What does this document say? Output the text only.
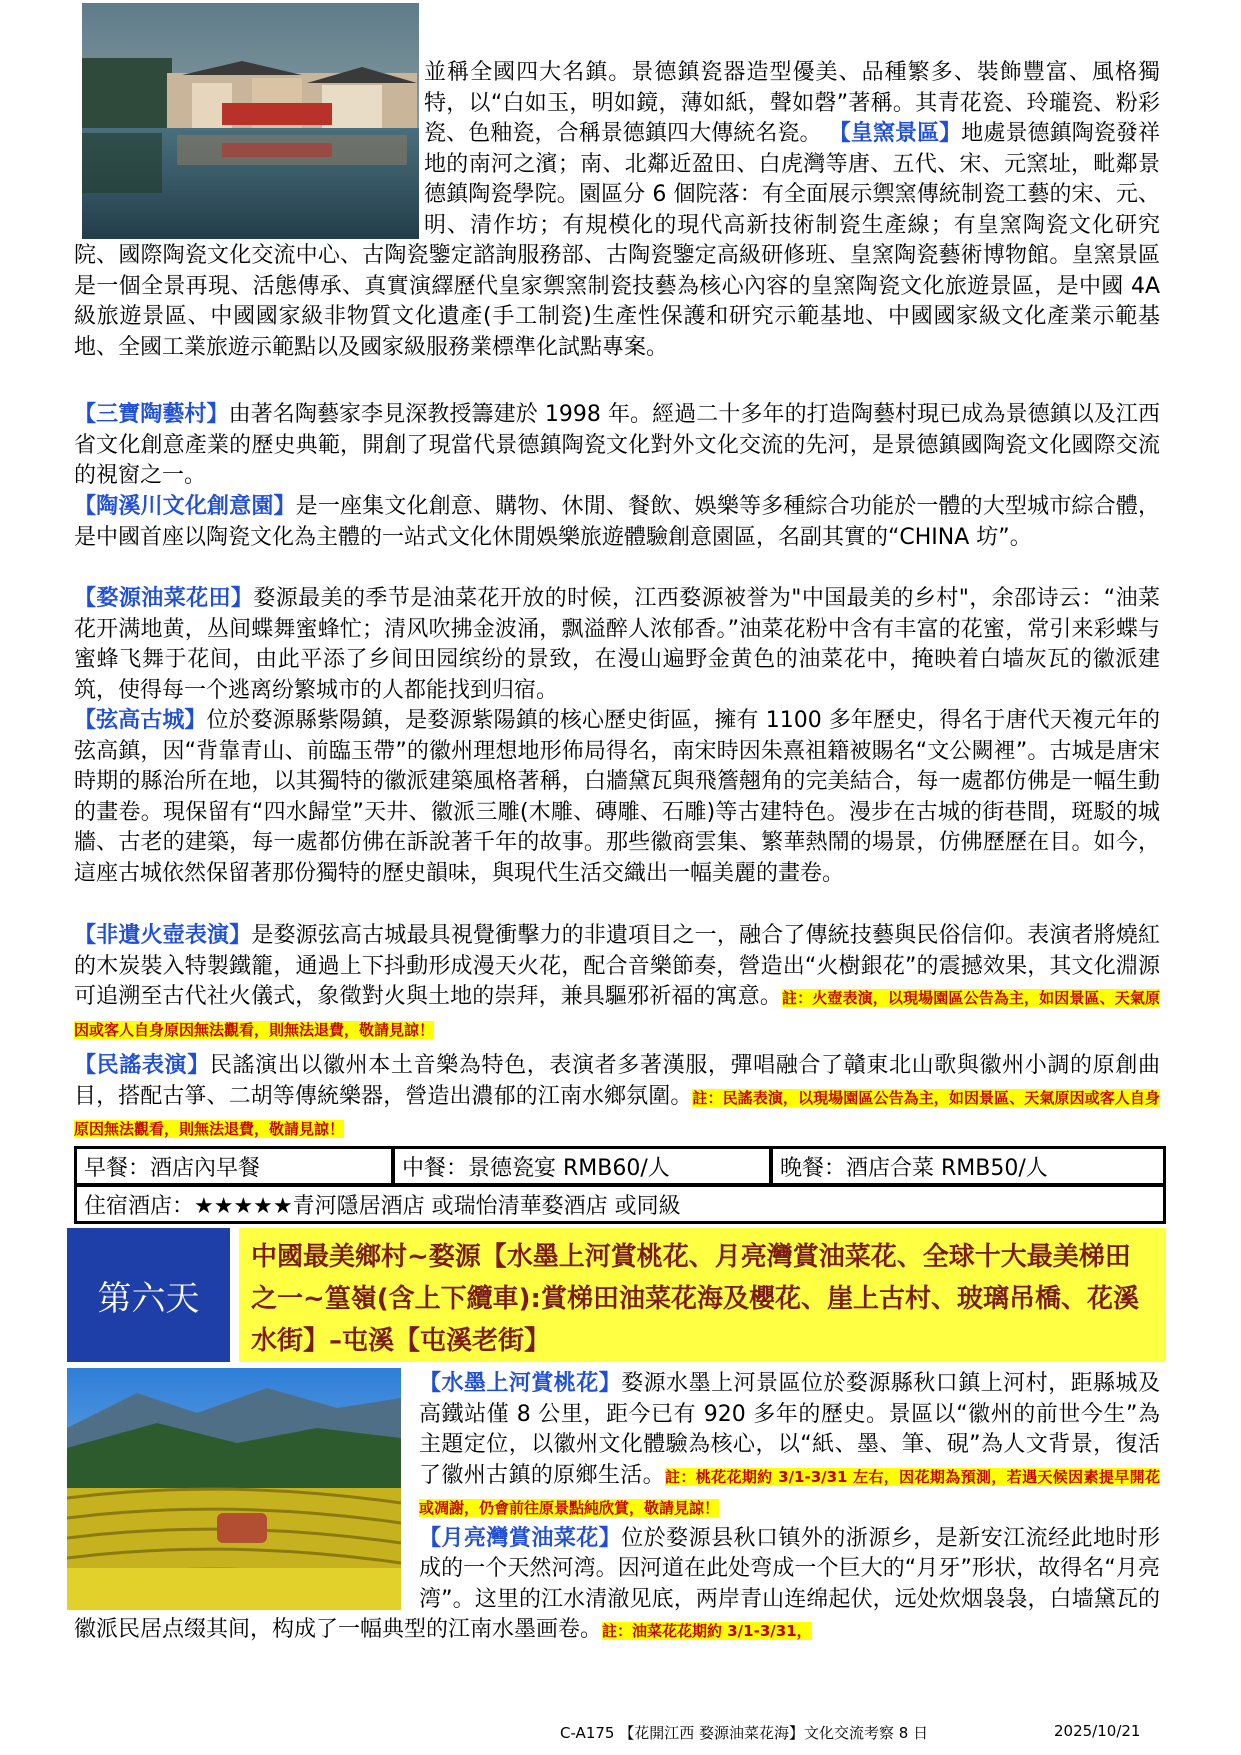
並稱全國四大名鎮。景德鎮瓷器造型優美、品種繁多、裝飾豐富、風格獨特，以“白如玉，明如鏡，薄如紙，聲如磬”著稱。其青花瓷、玲瓏瓷、粉彩瓷、色釉瓷，合稱景德鎮四大傳統名瓷。 【皇窯景區】地處景德鎮陶瓷發祥地的南河之濱；南、北鄰近盈田、白虎灣等唐、五代、宋、元窯址，毗鄰景德鎮陶瓷學院。園區分 6 個院落：有全面展示禦窯傳統制瓷工藝的宋、元、明、清作坊；有規模化的現代高新技術制瓷生產線；有皇窯陶瓷文化研究院、國際陶瓷文化交流中心、古陶瓷鑒定諮詢服務部、古陶瓷鑒定高級研修班、皇窯陶瓷藝術博物館。皇窯景區是一個全景再現、活態傳承、真實演繹歷代皇家禦窯制瓷技藝為核心內容的皇窯陶瓷文化旅遊景區，是中國 4A 級旅遊景區、中國國家級非物質文化遺產(手工制瓷)生產性保護和研究示範基地、中國國家級文化產業示範基地、全國工業旅遊示範點以及國家級服務業標準化試點專案。

【三寶陶藝村】由著名陶藝家李見深教授籌建於 1998 年。經過二十多年的打造陶藝村現已成為景德鎮以及江西省文化創意產業的歷史典範，開創了現當代景德鎮陶瓷文化對外文化交流的先河，是景德鎮國陶瓷文化國際交流的視窗之一。

【陶溪川文化創意園】是一座集文化創意、購物、休閒、餐飲、娛樂等多種綜合功能於一體的大型城市綜合體，是中國首座以陶瓷文化為主體的一站式文化休閒娛樂旅遊體驗創意園區，名副其實的“CHINA 坊”。

【婺源油菜花田】婺源最美的季节是油菜花开放的时候，江西婺源被誉为"中国最美的乡村"，余邵诗云：“油菜花开满地黄，丛间蝶舞蜜蜂忙；清风吹拂金波涌，飘溢醉人浓郁香。”油菜花粉中含有丰富的花蜜，常引来彩蝶与蜜蜂飞舞于花间，由此平添了乡间田园缤纷的景致，在漫山遍野金黄色的油菜花中，掩映着白墙灰瓦的徽派建筑，使得每一个逃离纷繁城市的人都能找到归宿。

【弦高古城】位於婺源縣紫陽鎮，是婺源紫陽鎮的核心歷史街區，擁有 1100 多年歷史，得名于唐代天複元年的弦高鎮，因“背靠青山、前臨玉帶”的徽州理想地形佈局得名，南宋時因朱熹祖籍被賜名“文公闕裡”。古城是唐宋時期的縣治所在地，以其獨特的徽派建築風格著稱，白牆黛瓦與飛簷翹角的完美結合，每一處都仿佛是一幅生動的畫卷。現保留有“四水歸堂”天井、徽派三雕(木雕、磚雕、石雕)等古建特色。漫步在古城的街巷間，斑駁的城牆、古老的建築，每一處都仿佛在訴說著千年的故事。那些徽商雲集、繁華熱鬧的場景，仿佛歷歷在目。如今，這座古城依然保留著那份獨特的歷史韻味，與現代生活交織出一幅美麗的畫卷。

【非遺火壺表演】是婺源弦高古城最具視覺衝擊力的非遺項目之一，融合了傳統技藝與民俗信仰。表演者將燒紅的木炭裝入特製鐵籠，通過上下抖動形成漫天火花，配合音樂節奏，營造出“火樹銀花”的震撼效果，其文化淵源可追溯至古代社火儀式，象徵對火與土地的崇拜，兼具驅邪祈福的寓意。註：火壺表演，以現場園區公告為主，如因景區、天氣原因或客人自身原因無法觀看，則無法退費，敬請見諒！

【民謠表演】民謠演出以徽州本土音樂為特色，表演者多著漢服，彈唱融合了贛東北山歌與徽州小調的原創曲目，搭配古箏、二胡等傳統樂器，營造出濃郁的江南水鄉氛圍。註：民謠表演，以現場園區公告為主，如因景區、天氣原因或客人自身原因無法觀看，則無法退費，敬請見諒！

早餐：酒店內早餐	中餐：景德瓷宴 RMB60/人	晚餐：酒店合菜 RMB50/人
住宿酒店：★★★★★青河隱居酒店 或瑞怡清華婺酒店 或同級
第六天
中國最美鄉村~婺源【水墨上河賞桃花、月亮灣賞油菜花、全球十大最美梯田之一~篁嶺(含上下纜車):賞梯田油菜花海及櫻花、崖上古村、玻璃吊橋、花溪水街】–屯溪【屯溪老街】
C-A175 【花開江西 婺源油菜花海】文化交流考察 8 日	2025/10/21

【水墨上河賞桃花】婺源水墨上河景區位於婺源縣秋口鎮上河村，距縣城及高鐵站僅 8 公里，距今已有 920 多年的歷史。景區以“徽州的前世今生”為主題定位，以徽州文化體驗為核心，以“紙、墨、筆、硯”為人文背景，復活了徽州古鎮的原鄉生活。註：桃花花期約 3/1-3/31 左右，因花期為預測，若遇天候因素提早開花或凋謝，仍會前往原景點純欣賞，敬請見諒！

【月亮灣賞油菜花】位於婺源县秋口镇外的浙源乡，是新安江流经此地时形成的一个天然河湾。因河道在此处弯成一个巨大的“月牙”形状，故得名“月亮湾”。这里的江水清澈见底，两岸青山连绵起伏，远处炊烟袅袅，白墙黛瓦的徽派民居点缀其间，构成了一幅典型的江南水墨画卷。註：油菜花花期約 3/1-3/31，
